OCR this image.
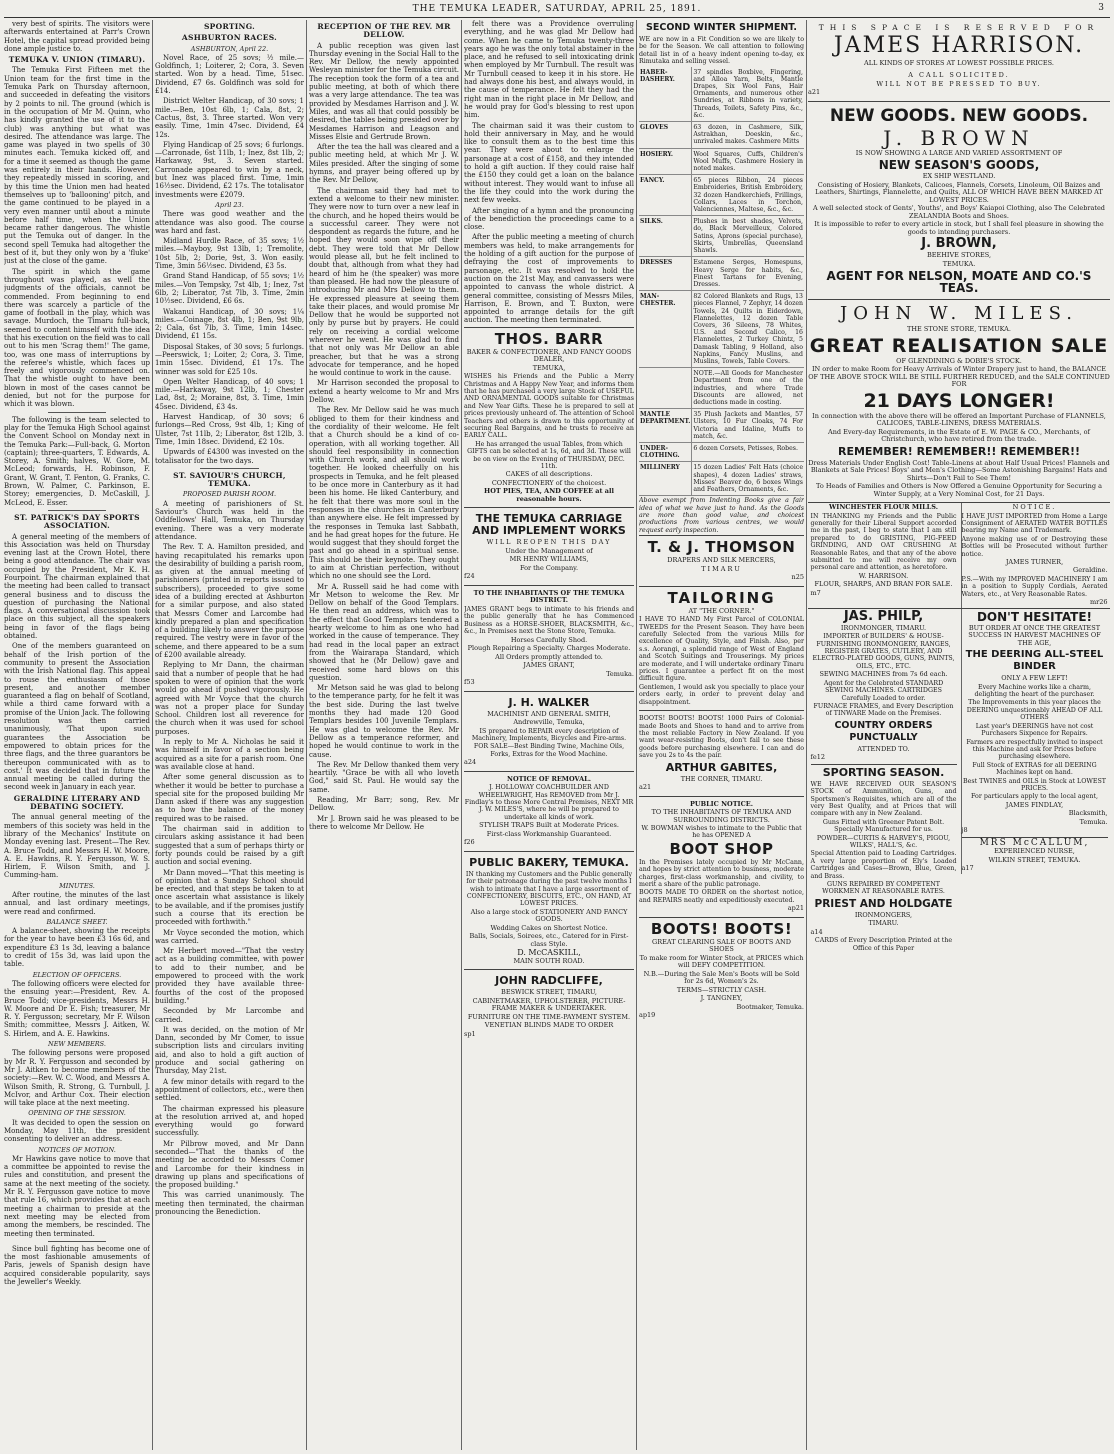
THE TEMUKA LEADER, SATURDAY, APRIL 25, 1891.	3

very best of spirits. The visitors were afterwards entertained at Parr's Crown Hotel, the capital spread provided being done ample justice to.

TEMUKA V. UNION (TIMARU).

The Temuka First Fifteen met the Union team for the first time in the Temuka Park on Thursday afternoon, and succeeded in defeating the visitors by 2 points to nil. The ground (which is in the occupation of Mr M. Quinn, who has kindly granted the use of it to the club) was anything but what was desired. The attendance was large. The game was played in two spells of 30 minutes each. Temuka kicked off, and for a time it seemed as though the game was entirely in their hands. However, they repeatedly missed in scoring, and by this time the Union men had heated themselves up to 'ballooning' pitch, and the game continued to be played in a very even manner until about a minute before half time, when the Union became rather dangerous. The whistle put the Temuka out of danger. In the second spell Temuka had altogether the best of it, but they only won by a 'fluke' just at the close of the game.

The spirit in which the game throughout was played, as well the judgments of the officials, cannot be commended. From beginning to end there was scarcely a particle of the game of football in the play, which was savage. Murdoch, the Timaru full-back, seemed to content himself with the idea that his execution on the field was to call out to his men 'Scrag them!' The game, too, was one mass of interruptions by the referee's whistle, which faces up freely and vigorously commenced on. That the whistle ought to have been blown in most of the cases cannot be denied, but not for the purpose for which it was blown.

The following is the team selected to play for the Temuka High School against the Convent School on Monday next in the Temuka Park:—Full-back, G. Morton (captain); three-quarters, T. Edwards, A. Storey, A. Smith; halves, W. Gore, M. McLeod; forwards, H. Robinson, F. Grant, W. Grant, T. Fenton, G. Franks, C. Brown, W. Palmer, C. Parkinson, E. Storey; emergencies, D. McCaskill, J. McLeod, E. Esser.

ST. PATRICK'S DAY SPORTS ASSOCIATION.

A general meeting of the members of this Association was held on Thursday evening last at the Crown Hotel, there being a good attendance. The chair was occupied by the President, Mr K. H. Fourpoint. The chairman explained that the meeting had been called to transact general business and to discuss the question of purchasing the National flags. A conversational discussion took place on this subject, all the speakers being in favor of the flags being obtained.

One of the members guaranteed on behalf of the Irish portion of the community to present the Association with the Irish National flag. This appeal to rouse the enthusiasm of those present, and another member guaranteed a flag on behalf of Scotland, while a third came forward with a promise of the Union Jack. The following resolution was then carried unanimously, 'That upon such guarantees the Association be empowered to obtain prices for the three flags, and the three guarantors be thereupon communicated with as to cost.' It was decided that in future the annual meeting be called during the second week in January in each year.

GERALDINE LITERARY AND DEBATING SOCIETY.

The annual general meeting of the members of this society was held in the library of the Mechanics' Institute on Monday evening last. Present—The Rev. A. Bruce Todd, and Messrs H. W. Moore, A. E. Hawkins, R. Y. Fergusson, W. S. Hirlem, F. Wilson Smith, and J. Cumming-ham.

MINUTES.

After routine, the minutes of the last annual, and last ordinary meetings, were read and confirmed.

BALANCE SHEET.

A balance-sheet, showing the receipts for the year to have been £3 16s 6d, and expenditure £3 1s 3d, leaving a balance to credit of 15s 3d, was laid upon the table.

ELECTION OF OFFICERS.

The following officers were elected for the ensuing year:—President, Rev. A. Bruce Todd; vice-presidents, Messrs H. W. Moore and Dr E. Fish; treasurer, Mr R. Y. Fergusson; secretary, Mr F. Wilson Smith; committee, Messrs J. Aitken, W. S. Hirlem, and A. E. Hawkins.

NEW MEMBERS.

The following persons were proposed by Mr R. Y. Fergusson and seconded by Mr J. Aitken to become members of the society:—Rev. W. C. Wood, and Messrs A. Wilson Smith, R. Strong, G. Turnbull, J. McIvor, and Arthur Cox. Their election will take place at the next meeting.

OPENING OF THE SESSION.

It was decided to open the session on Monday, May 11th, the president consenting to deliver an address.

NOTICES OF MOTION.

Mr Hawkins gave notice to move that a committee be appointed to revise the rules and constitution, and present the same at the next meeting of the society. Mr R. Y. Fergusson gave notice to move that rule 16, which provides that at each meeting a chairman to preside at the next meeting may be elected from among the members, be rescinded. The meeting then terminated.

Since bull fighting has become one of the most fashionable amusements of Paris, jewels of Spanish design have acquired considerable popularity, says the Jeweller's Weekly.

SPORTING.
ASHBURTON RACES.
ASHBURTON, April 22.

Novel Race, of 25 sovs; ½ mile.—Goldfinch, 1; Loiterer, 2; Cora, 3. Seven started. Won by a head. Time, 51sec. Dividend, £7 6s. Goldfinch was sold for £14.

District Welter Handicap, of 30 sovs; 1 mile.—Ben, 10st 6lb, 1; Cala, 8st, 2; Cactus, 8st, 3. Three started. Won very easily. Time, 1min 47sec. Dividend, £4 12s.

Flying Handicap of 25 sovs; 6 furlongs.—Carronade, 6st 11lb, 1; Inez, 8st 1lb, 2; Harkaway, 9st, 3. Seven started. Carronade appeared to win by a neck, but Inez was placed first. Time, 1min 16½sec. Dividend, £2 17s. The totalisator investments were £2079.

April 23.

There was good weather and the attendance was also good. The course was hard and fast.

Midland Hurdle Race, of 35 sovs; 1½ miles.—Mayboy, 9st 13lb, 1; Tremolite, 10st 5lb, 2; Dorie, 9st, 3. Won easily. Time, 3min 56½sec. Dividend, £3 5s.

Grand Stand Handicap, of 55 sovs; 1½ miles.—Von Tempsky, 7st 4lb, 1; Inez, 7st 6lb, 2; Liberator, 7st 7lb, 3. Time, 2min 10½sec. Dividend, £6 6s.

Wakanui Handicap, of 30 sovs; 1¼ miles.—Coinage, 8st 4lb, 1; Ben, 9st 9lb, 2; Cala, 6st 7lb, 3. Time, 1min 14sec. Dividend, £1 15s.

Disposal Stakes, of 30 sovs; 5 furlongs.—Peerswick, 1; Loiter, 2; Cora, 3. Time, 1min 15sec. Dividend, £1 17s. The winner was sold for £25 10s.

Open Welter Handicap, of 40 sovs; 1 mile.—Harkaway, 9st 12lb, 1; Chester Lad, 8st, 2; Moraine, 8st, 3. Time, 1min 45sec. Dividend, £3 4s.

Harvest Handicap, of 30 sovs; 6 furlongs—Red Cross, 9st 4lb, 1; King of Ulster, 7st 11lb, 2; Liberator, 8st 12lb, 3. Time, 1min 18sec. Dividend, £2 10s.

Upwards of £4300 was invested on the totalisator for the two days.

ST. SAVIOUR'S CHURCH, TEMUKA.
PROPOSED PARISH ROOM.

A meeting of parishioners of St. Saviour's Church was held in the Oddfellows' Hall, Temuka, on Thursday evening. There was a very moderate attendance.

The Rev. T. A. Hamilton presided, and having recapitulated his remarks upon the desirability of building a parish room, as given at the annual meeting of parishioners (printed in reports issued to subscribers), proceeded to give some idea of a building erected at Ashburton for a similar purpose, and also stated that Messrs Comer and Larcombe had kindly prepared a plan and specification of a building likely to answer the purpose required. The vestry were in favor of the scheme, and there appeared to be a sum of £200 available already.

Replying to Mr Dann, the chairman said that a number of people that he had spoken to were of opinion that the work would go ahead if pushed vigorously. He agreed with Mr Voyce that the church was not a proper place for Sunday School. Children lost all reverence for the church when it was used for school purposes.

In reply to Mr A. Nicholas he said it was himself in favor of a section being acquired as a site for a parish room. One was available close at hand.

After some general discussion as to whether it would be better to purchase a special site for the proposed building Mr Dann asked if there was any suggestion as to how the balance of the money required was to be raised.

The chairman said in addition to circulars asking assistance it had been suggested that a sum of perhaps thirty or forty pounds could be raised by a gift auction and social evening.

Mr Dann moved—"That this meeting is of opinion that a Sunday School should be erected, and that steps be taken to at once ascertain what assistance is likely to be available, and if the promises justify such a course that its erection be proceeded with forthwith."

Mr Voyce seconded the motion, which was carried.

Mr Herbert moved—"That the vestry act as a building committee, with power to add to their number, and be empowered to proceed with the work provided they have available three-fourths of the cost of the proposed building."

Seconded by Mr Larcombe and carried.

It was decided, on the motion of Mr Dann, seconded by Mr Comer, to issue subscription lists and circulars inviting aid, and also to hold a gift auction of produce and social gathering on Thursday, May 21st.

A few minor details with regard to the appointment of collectors, etc., were then settled.

The chairman expressed his pleasure at the resolution arrived at, and hoped everything would go forward successfully.

Mr Pilbrow moved, and Mr Dann seconded—"That the thanks of the meeting be accorded to Messrs Comer and Larcombe for their kindness in drawing up plans and specifications of the proposed building."

This was carried unanimously. The meeting then terminated, the chairman pronouncing the Benediction.

RECEPTION OF THE REV. MR DELLOW.

A public reception was given last Thursday evening in the Social Hall to the Rev. Mr Dellow, the newly appointed Wesleyan minister for the Temuka circuit. The reception took the form of a tea and public meeting, at both of which there was a very large attendance. The tea was provided by Mesdames Harrison and J. W. Miles, and was all that could possibly be desired, the tables being presided over by Mesdames Harrison and Leagson and Misses Elsie and Gertrude Brown.

After the tea the hall was cleared and a public meeting held, at which Mr J. W. Miles presided. After the singing of some hymns, and prayer being offered up by the Rev. Mr Dellow,

The chairman said they had met to extend a welcome to their new minister. They were now to turn over a new leaf in the church, and he hoped theirs would be a successful career. They were not despondent as regards the future, and he hoped they would soon wipe off their debt. They were told that Mr Dellow would please all, but he felt inclined to doubt that, although from what they had heard of him he (the speaker) was more than pleased. He had now the pleasure of introducing Mr and Mrs Dellow to them. He expressed pleasure at seeing them take their places, and would promise Mr Dellow that he would be supported not only by purse but by prayers. He could rely on receiving a cordial welcome wherever he went. He was glad to find that not only was Mr Dellow an able preacher, but that he was a strong advocate for temperance, and he hoped he would continue to work in the cause.

Mr Harrison seconded the proposal to extend a hearty welcome to Mr and Mrs Dellow.

The Rev. Mr Dellow said he was much obliged to them for their kindness and the cordiality of their welcome. He felt that a Church should be a kind of co-operation, with all working together. All should feel responsibility in connection with Church work, and all should work together. He looked cheerfully on his prospects in Temuka, and he felt pleased to be once more in Canterbury as it had been his home. He liked Canterbury, and he felt that there was more soul in the responses in the churches in Canterbury than anywhere else. He felt impressed by the responses in Temuka last Sabbath, and he had great hopes for the future. He would suggest that they should forget the past and go ahead in a spiritual sense. This should be their keynote. They ought to aim at Christian perfection, without which no one should see the Lord.

Mr A. Russell said he had come with Mr Metson to welcome the Rev. Mr Dellow on behalf of the Good Templars. He then read an address, which was to the effect that Good Templars tendered a hearty welcome to him as one who had worked in the cause of temperance. They had read in the local paper an extract from the Wairarapa Standard, which showed that he (Mr Dellow) gave and received some hard blows on this question.

Mr Metson said he was glad to belong to the temperance party, for he felt it was the best side. During the last twelve months they had made 120 Good Templars besides 100 Juvenile Templars. He was glad to welcome the Rev. Mr Dellow as a temperance reformer, and hoped he would continue to work in the cause.

The Rev. Mr Dellow thanked them very heartily. "Grace be with all who loveth God," said St. Paul. He would say the same.

Reading, Mr Barr; song, Rev. Mr Dellow.

Mr J. Brown said he was pleased to be there to welcome Mr Dellow. He

felt there was a Providence overruling everything, and he was glad Mr Dellow had come. When he came to Temuka twenty-three years ago he was the only total abstainer in the place, and he refused to sell intoxicating drink when employed by Mr Turnbull. The result was Mr Turnbull ceased to keep it in his store. He had always done his best, and always would, in the cause of temperance. He felt they had the right man in the right place in Mr Dellow, and he would pray for God's blessing to rest upon him.

The chairman said it was their custom to hold their anniversary in May, and he would like to consult them as to the best time this year. They were about to enlarge the parsonage at a cost of £158, and they intended to hold a gift auction. If they could raise half the £150 they could get a loan on the balance without interest. They would want to infuse all the life they could into the work during the next few weeks.

After singing of a hymn and the pronouncing of the benediction the proceedings came to a close.

After the public meeting a meeting of church members was held, to make arrangements for the holding of a gift auction for the purpose of defraying the cost of improvements to parsonage, etc. It was resolved to hold the auction on the 21st May, and canvassers were appointed to canvass the whole district. A general committee, consisting of Messrs Miles, Harrison, E. Brown, and T. Buxton, were appointed to arrange details for the gift auction. The meeting then terminated.

THOS. BARR
BAKER & CONFECTIONER, AND FANCY GOODS DEALER,
TEMUKA,
WISHES his Friends and the Public a Merry Christmas and A Happy New Year, and informs them that he has purchased a very large Stock of USEFUL AND ORNAMENTAL GOODS suitable for Christmas and New Year Gifts. These he is prepared to sell at prices previously unheard of. The attention of School Teachers and others is drawn to this opportunity of securing Real Bargains, and he trusts to receive an EARLY CALL.
He has arranged the usual Tables, from which GIFTS can be selected at 1s, 6d, and 3d. These will be on view on the Evening of THURSDAY, DEC. 11th.
CAKES of all descriptions.
CONFECTIONERY of the choicest.
HOT PIES, TEA, AND COFFEE at all reasonable hours.
THE TEMUKA CARRIAGE AND IMPLEMENT WORKS
WILL REOPEN THIS DAY
Under the Management of
MR HENRY WILLIAMS,
For the Company.
f24
TO THE INHABITANTS OF THE TEMUKA DISTRICT.
JAMES GRANT begs to intimate to his friends and the public generally that he has Commenced Business as a HORSE-SHOER, BLACKSMITH, &c., &c., In Premises next the Stone Store, Temuka.
Horses Carefully Shod.
Plough Repairing a Specialty. Charges Moderate.
All Orders promptly attended to.
JAMES GRANT,
Temuka.
f53
J. H. WALKER
MACHINIST AND GENERAL SMITH,
Andrewville, Temuka,
IS prepared to REPAIR every description of Machinery, Implements, Bicycles and Fire-arms.
FOR SALE—Best Binding Twine, Machine Oils, Forks, Extras for the Wood Machine.
a24
NOTICE OF REMOVAL.
J. HOLLOWAY COACHBUILDER AND WHEELWRIGHT, Has REMOVED from Mr J. Findlay's to those More Central Premises, NEXT MR J. W. MILES'S, where he will be prepared to undertake all kinds of work.
STYLISH TRAPS Built at Moderate Prices.
First-class Workmanship Guaranteed.
f26
PUBLIC BAKERY, TEMUKA.
IN thanking my Customers and the Public generally for their patronage during the past twelve months I wish to intimate that I have a large assortment of CONFECTIONERY, BISCUITS, ETC., ON HAND, AT LOWEST PRICES.
Also a large stock of STATIONERY AND FANCY GOODS.
Wedding Cakes on Shortest Notice.
Balls, Socials, Soirees, etc., Catered for in First-class Style.
D. McCASKILL,
MAIN SOUTH ROAD.
JOHN RADCLIFFE,
BESWICK STREET, TIMARU,
CABINETMAKER, UPHOLSTERER, PICTURE-FRAME MAKER & UNDERTAKER.
FURNITURE ON THE TIME-PAYMENT SYSTEM.
VENETIAN BLINDS MADE TO ORDER
sp1
SECOND WINTER SHIPMENT.
WE are now in a Fit Condition so we are likely to be for the Season. We call attention to following detail list in of a heavy indent opening to-day, ex Rimutaka and selling vessel.
HABER-DASHERY.	37 spindles Boxbive, Fingering, and Alloa Yarn, Belts, Mantle Drapes, Six Wool Fans, Hair Ornaments, and numerous other Sundries, at Ribbons in variety, Threads, Toilets, Safety Pins, &c., &c.
GLOVES	63 dozen, in Cashmere, Silk, Astrakhan, Doeskin, &c., unrivaled makes. Cashmere Mitts
HOSIERY.	Wool Squares, Cuffs, Children's Wool Muffs, Cashmere Hosiery in noted makes.
FANCY.	65 pieces Ribbon, 24 pieces Embroideries, British Embroidery, 32 dozen Handkerchiefs, Frillings, Collars, Laces in Torchon, Valenciennes, Maltese, &c., &c.
SILKS.	Plushes in best shades, Velvets, do, Black Merveilleux, Colored Satins, Aprons (special purchase), Skirts, Umbrellas, Queensland Shawls.
DRESSES	Estamene Serges, Homespuns, Heavy Serge for habits, &c., Finest Tartans for Evening, Dresses.
MAN-CHESTER.	82 Colored Blankets and Rugs, 13 pieces Flannel, 7 Zephyr, 14 dozen Towels, 24 Quilts in Eiderdown, Flannelettes, 12 dozen Table Covers, 36 Sileens, 78 Whites, U.S. and Second Calico, 16 Flannelettes, 2 Turkey Chintz, 5 Damask Tabling, 9 Holland, also Napkins, Fancy Muslins, and Muslins, Towels, Table Covers.
	NOTE.—All Goods for Manchester Department from one of the industries, and where Trade Discounts are allowed, net deductions made in costing.
MANTLE DEPARTMENT.	35 Plush Jackets and Mantles, 57 Ulsters, 10 Fur Cloaks, 74 For Victoria and Idaline, Muffs to match, &c.
UNDER-CLOTHING.	6 dozen Corsets, Petisses, Robes.
MILLINERY	15 dozen Ladies' Felt Hats (choice shapes), 4 dozen Ladies' straws, Misses' Beaver do, 6 boxes Wings and Feathers, Ornaments, &c.
Above exempt from Indenting Books give a fair idea of what we have just to hand. As the Goods are more than good value, and choicest productions from various centres, we would request early inspection.
T. & J. THOMSON
DRAPERS AND SILK MERCERS,
TIMARU
n25
TAILORING
AT "THE CORNER."
I HAVE TO HAND My First Parcel of COLONIAL TWEEDS for the Present Season. They have been carefully Selected from the various Mills for excellence of Quality, Style, and Finish. Also, per s.s. Aorangi, a splendid range of West of England and Scotch Suitings and Trouserings. My prices are moderate, and I will undertake ordinary Tinaru prices. I guarantee a perfect fit on the most difficult figure.
Gentlemen, I would ask you specially to place your orders early, in order to prevent delay and disappointment.
BOOTS! BOOTS! BOOTS! 1000 Pairs of Colonial-made Boots and Shoes to hand and to arrive from the most reliable Factory in New Zealand. If you want wear-resisting Boots, don't fail to see these goods before purchasing elsewhere. I can and do save you 2s to 4s the pair.
ARTHUR GABITES,
THE CORNER, TIMARU.
a21
PUBLIC NOTICE.
TO THE INHABITANTS OF TEMUKA AND SURROUNDING DISTRICTS.
W. BOWMAN wishes to intimate to the Public that he has OPENED A
BOOT SHOP
In the Premises lately occupied by Mr McCann, and hopes by strict attention to business, moderate charges, first-class workmanship, and civility, to merit a share of the public patronage.
BOOTS MADE TO ORDER on the shortest notice, and REPAIRS neatly and expeditiously executed.
ap21
BOOTS! BOOTS!
GREAT CLEARING SALE OF BOOTS AND SHOES
To make room for Winter Stock, at PRICES which will DEFY COMPETITION.
N.B.—During the Sale Men's Boots will be Sold for 2s 6d, Women's 2s.
TERMS—STRICTLY CASH.
J. TANGNEY,
Bootmaker, Temuka.
ap19
THIS SPACE IS RESERVED FOR
JAMES HARRISON.
ALL KINDS OF STORES AT LOWEST POSSIBLE PRICES.
A CALL SOLICITED.
WILL NOT BE PRESSED TO BUY.
a21
NEW GOODS. NEW GOODS.
J. BROWN
IS NOW SHOWING A LARGE AND VARIED ASSORTMENT OF
NEW SEASON'S GOODS,
EX SHIP WESTLAND.
Consisting of Hosiery, Blankets, Calicoes, Flannels, Corsets, Linoleum, Oil Baizes and Leathers, Shirtings, Flannelette, and Quilts, ALL OF WHICH HAVE BEEN MARKED AT LOWEST PRICES.
A well selected stock of Gents', Youths', and Boys' Kaiapoi Clothing, also The Celebrated ZEALANDIA Boots and Shoes.
It is impossible to refer to every article in stock, but I shall feel pleasure in showing the goods to intending purchasers.
J. BROWN,
BEEHIVE STORES,
TEMUKA.
AGENT FOR NELSON, MOATE AND CO.'S TEAS.
JOHN W. MILES.
THE STONE STORE, TEMUKA.
GREAT REALISATION SALE
OF GLENDINING & DOBIE'S STOCK.
IN order to make Room for Heavy Arrivals of Winter Drapery just to hand, the BALANCE OF THE ABOVE STOCK WILL BE STILL FURTHER REDUCED, and the SALE CONTINUED FOR
21 DAYS LONGER!
In connection with the above there will be offered an Important Purchase of FLANNELS, CALICOES, TABLE-LINENS, DRESS MATERIALS.
And Every-day Requirements, in the Estate of E. W. PAGE & CO., Merchants, of Christchurch, who have retired from the trade.
REMEMBER! REMEMBER!! REMEMBER!!
Dress Materials Under English Cost! Table-Linens at about Half Usual Prices! Flannels and Blankets at Sale Prices! Boys' and Men's Clothing—Some Astonishing Bargains! Hats and Shirts—Don't Fail to See Them!
To Heads of Families and Others is Now Offered a Genuine Opportunity for Securing a Winter Supply, at a Very Nominal Cost, for 21 Days.
WINCHESTER FLOUR MILLS.
IN THANKING my Friends and the Public generally for their Liberal Support accorded me in the past, I beg to state that I am still prepared to do GRISTING, PIG-FEED GRINDING, AND OAT CRUSHING At Reasonable Rates, and that any of the above submitted to me will receive my own personal care and attention, as heretofore.
W. HARRISON.
FLOUR, SHARPS, AND BRAN FOR SALE.
m7
NOTICE.
I HAVE JUST IMPORTED from Home a Large Consignment of AERATED WATER BOTTLES bearing my Name and Trademark.
Anyone making use of or Destroying these Bottles will be Prosecuted without further notice.
JAMES TURNER,
Geraldine.
P.S.—With my IMPROVED MACHINERY I am in a position to Supply Cordials, Aerated Waters, etc., at Very Reasonable Rates.
mr26
JAS. PHILP,
IRONMONGER, TIMARU.
IMPORTER of BUILDERS' & HOUSE-FURNISHING IRONMONGERY, RANGES, REGISTER GRATES, CUTLERY, AND ELECTRO-PLATED GOODS, GUNS, PAINTS, OILS, ETC., ETC.
SEWING MACHINES from 7s 6d each.
Agent for the Celebrated STANDARD SEWING MACHINES. CARTRIDGES Carefully Loaded to order.
FURNACE FRAMES, and Every Description of TINWARE Made on the Premises.
COUNTRY ORDERS PUNCTUALLY
ATTENDED TO.
fe12
SPORTING SEASON.
WE HAVE RECEIVED OUR SEASON'S STOCK of Ammunition, Guns, and Sportsmen's Requisites, which are all of the very Best Quality, and at Prices that will compare with any in New Zealand.
Guns Fitted with Greener Patent Bolt. Specially Manufactured for us.
POWDER—CURTIS & HARVEY'S, PIGOU, WILKS', HALL'S, &c.
Special Attention paid to Loading Cartridges. A very large proportion of Ely's Loaded Cartridges and Cases—Brown, Blue, Green, and Brass.
GUNS REPAIRED BY COMPETENT WORKMEN AT REASONABLE RATES.
PRIEST AND HOLDGATE
IRONMONGERS,
TIMARU.
a14
CARDS of Every Description Printed at the Office of this Paper
DON'T HESITATE!
BUT ORDER AT ONCE THE GREATEST SUCCESS IN HARVEST MACHINES OF THE AGE,
THE DEERING ALL-STEEL BINDER
ONLY A FEW LEFT!
Every Machine works like a charm, delighting the heart of the purchaser.
The Improvements in this year places the DEERING unquestionably AHEAD OF ALL OTHERS
Last year's DEERINGS have not cost Purchasers Sixpence for Repairs.
Farmers are respectfully invited to inspect this Machine and ask for Prices before purchasing elsewhere.
Full Stock of EXTRAS for all DEERING Machines kept on hand.
Best TWINES and OILS in Stock at LOWEST PRICES.
For particulars apply to the local agent,
JAMES FINDLAY,
Blacksmith,
Temuka.
j8
MRS McCALLUM,
EXPERIENCED NURSE,
WILKIN STREET, TEMUKA.
a17
